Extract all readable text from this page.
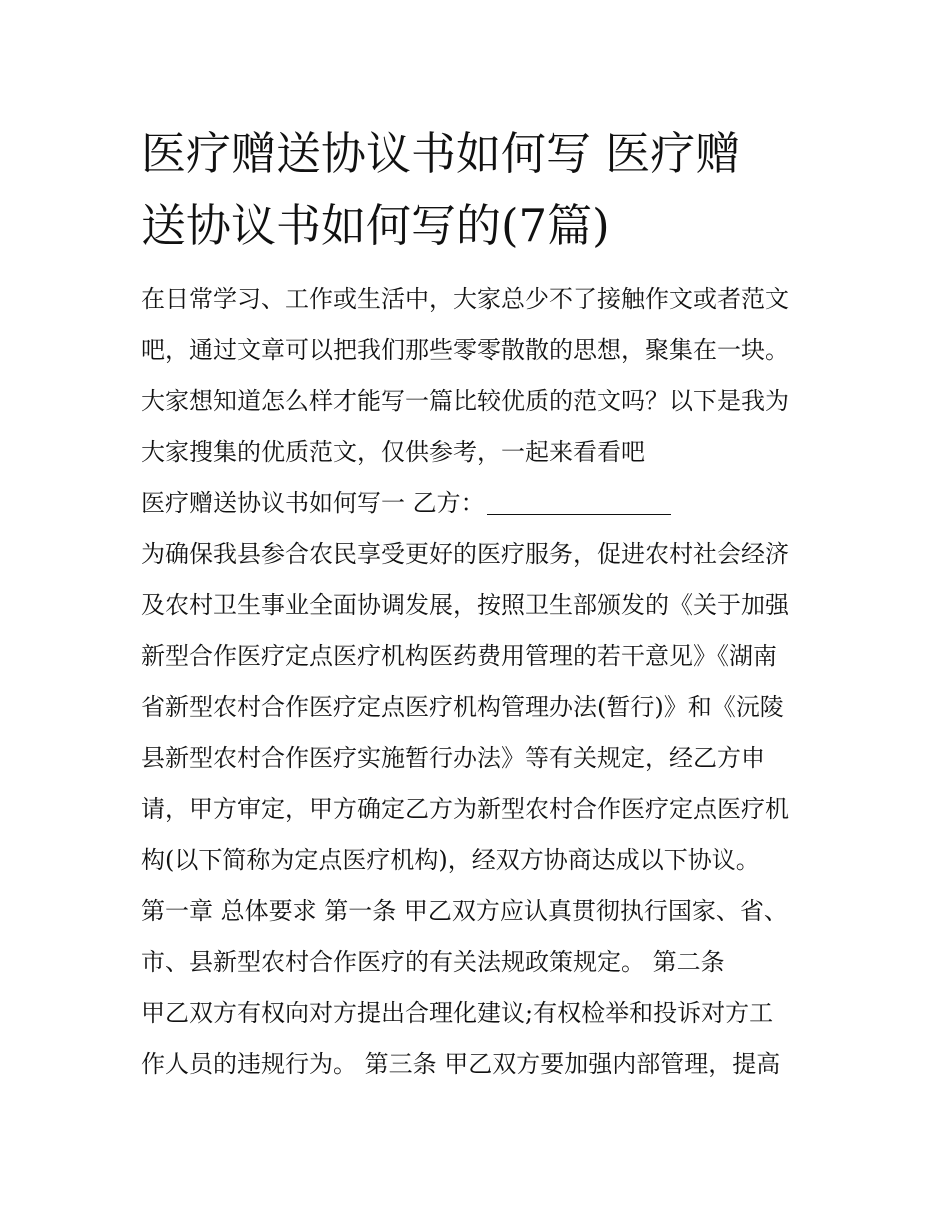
医疗赠送协议书如何写 医疗赠
送协议书如何写的(7篇)
在日常学习、工作或生活中，大家总少不了接触作文或者范文
吧，通过文章可以把我们那些零零散散的思想，聚集在一块。
大家想知道怎么样才能写一篇比较优质的范文吗？以下是我为
大家搜集的优质范文，仅供参考，一起来看看吧
医疗赠送协议书如何写一 乙方：
为确保我县参合农民享受更好的医疗服务，促进农村社会经济
及农村卫生事业全面协调发展，按照卫生部颁发的《关于加强
新型合作医疗定点医疗机构医药费用管理的若干意见》《湖南
省新型农村合作医疗定点医疗机构管理办法(暂行)》和《沅陵
县新型农村合作医疗实施暂行办法》等有关规定，经乙方申
请，甲方审定，甲方确定乙方为新型农村合作医疗定点医疗机
构(以下简称为定点医疗机构)，经双方协商达成以下协议。
第一章 总体要求 第一条 甲乙双方应认真贯彻执行国家、省、
市、县新型农村合作医疗的有关法规政策规定。 第二条
甲乙双方有权向对方提出合理化建议;有权检举和投诉对方工
作人员的违规行为。 第三条 甲乙双方要加强内部管理，提高
